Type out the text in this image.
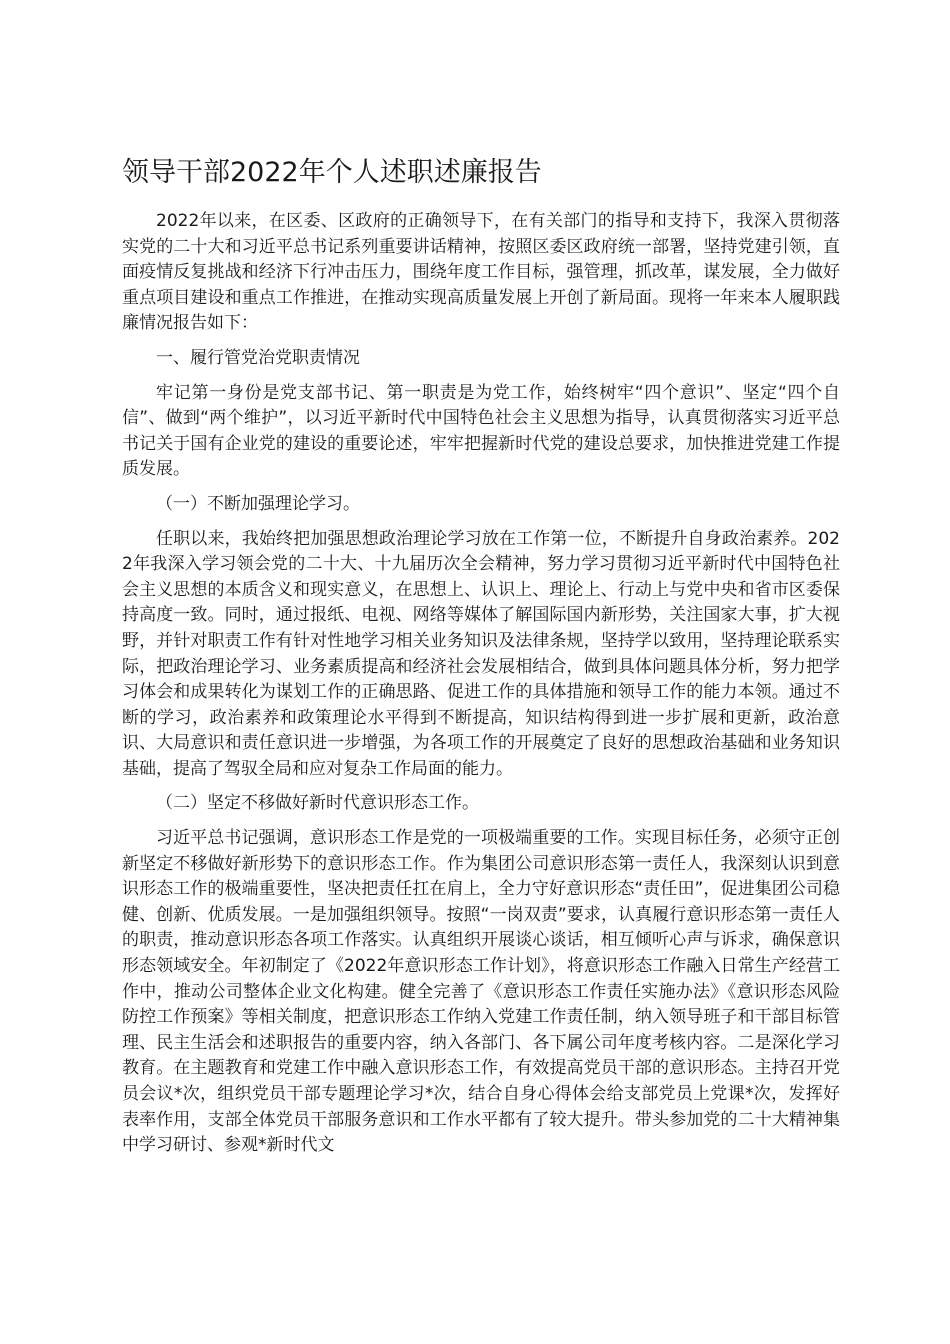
领导干部2022年个人述职述廉报告

2022年以来，在区委、区政府的正确领导下，在有关部门的指导和支持下，我深入贯彻落实党的二十大和习近平总书记系列重要讲话精神，按照区委区政府统一部署，坚持党建引领，直面疫情反复挑战和经济下行冲击压力，围绕年度工作目标，强管理，抓改革，谋发展，全力做好重点项目建设和重点工作推进，在推动实现高质量发展上开创了新局面。现将一年来本人履职践廉情况报告如下：

一、履行管党治党职责情况

牢记第一身份是党支部书记、第一职责是为党工作，始终树牢“四个意识”、坚定“四个自信”、做到“两个维护”，以习近平新时代中国特色社会主义思想为指导，认真贯彻落实习近平总书记关于国有企业党的建设的重要论述，牢牢把握新时代党的建设总要求，加快推进党建工作提质发展。

（一）不断加强理论学习。

任职以来，我始终把加强思想政治理论学习放在工作第一位，不断提升自身政治素养。2022年我深入学习领会党的二十大、十九届历次全会精神，努力学习贯彻习近平新时代中国特色社会主义思想的本质含义和现实意义，在思想上、认识上、理论上、行动上与党中央和省市区委保持高度一致。同时，通过报纸、电视、网络等媒体了解国际国内新形势，关注国家大事，扩大视野，并针对职责工作有针对性地学习相关业务知识及法律条规，坚持学以致用，坚持理论联系实际，把政治理论学习、业务素质提高和经济社会发展相结合，做到具体问题具体分析，努力把学习体会和成果转化为谋划工作的正确思路、促进工作的具体措施和领导工作的能力本领。通过不断的学习，政治素养和政策理论水平得到不断提高，知识结构得到进一步扩展和更新，政治意识、大局意识和责任意识进一步增强，为各项工作的开展奠定了良好的思想政治基础和业务知识基础，提高了驾驭全局和应对复杂工作局面的能力。

（二）坚定不移做好新时代意识形态工作。

习近平总书记强调，意识形态工作是党的一项极端重要的工作。实现目标任务，必须守正创新坚定不移做好新形势下的意识形态工作。作为集团公司意识形态第一责任人，我深刻认识到意识形态工作的极端重要性，坚决把责任扛在肩上，全力守好意识形态“责任田”，促进集团公司稳健、创新、优质发展。一是加强组织领导。按照“一岗双责”要求，认真履行意识形态第一责任人的职责，推动意识形态各项工作落实。认真组织开展谈心谈话，相互倾听心声与诉求，确保意识形态领域安全。年初制定了《2022年意识形态工作计划》，将意识形态工作融入日常生产经营工作中，推动公司整体企业文化构建。健全完善了《意识形态工作责任实施办法》《意识形态风险防控工作预案》等相关制度，把意识形态工作纳入党建工作责任制，纳入领导班子和干部目标管理、民主生活会和述职报告的重要内容，纳入各部门、各下属公司年度考核内容。二是深化学习教育。在主题教育和党建工作中融入意识形态工作，有效提高党员干部的意识形态。主持召开党员会议*次，组织党员干部专题理论学习*次，结合自身心得体会给支部党员上党课*次，发挥好表率作用，支部全体党员干部服务意识和工作水平都有了较大提升。带头参加党的二十大精神集中学习研讨、参观*新时代文
